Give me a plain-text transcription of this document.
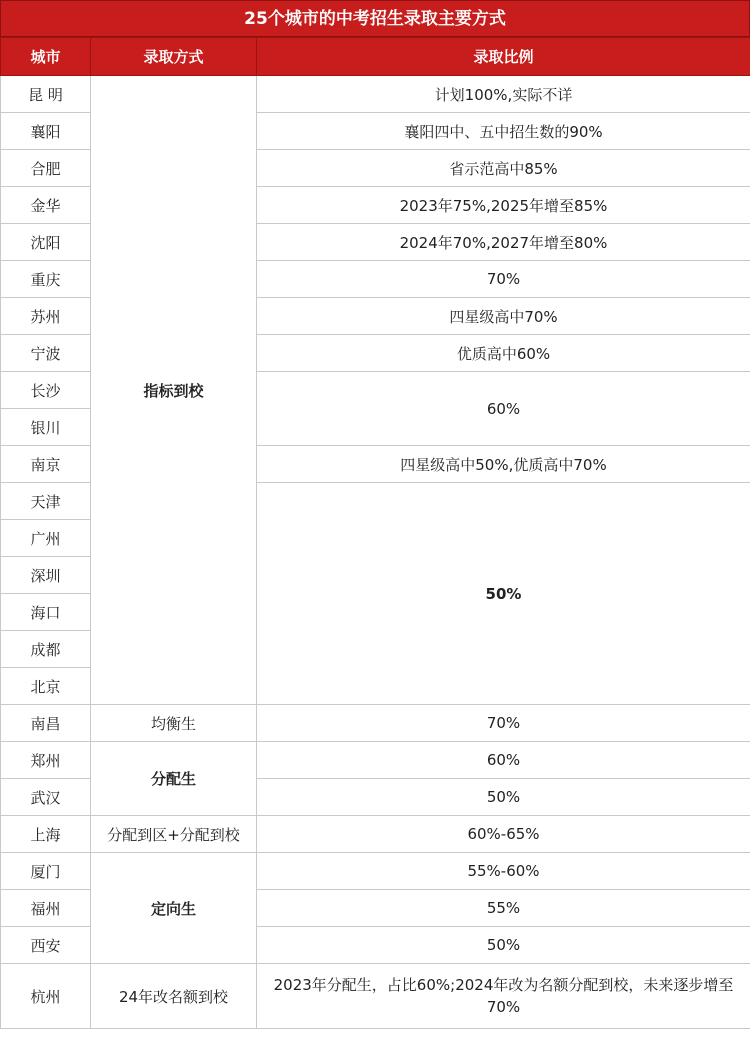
25个城市的中考招生录取主要方式
城市	录取方式	录取比例
昆 明	指标到校	计划100%,实际不详
襄阳		襄阳四中、五中招生数的90%
合肥		省示范高中85%
金华		2023年75%,2025年增至85%
沈阳		2024年70%,2027年增至80%
重庆		70%
苏州		四星级高中70%
宁波		优质高中60%
长沙		60%
银川		
南京		四星级高中50%,优质高中70%
天津		50%
广州		
深圳		
海口		
成都		
北京		
南昌	均衡生	70%
郑州	分配生	60%
武汉		50%
上海	分配到区+分配到校	60%-65%
厦门	定向生	55%-60%
福州		55%
西安		50%
杭州	24年改名额到校	2023年分配生，占比60%;2024年改为名额分配到校，未来逐步增至70%
